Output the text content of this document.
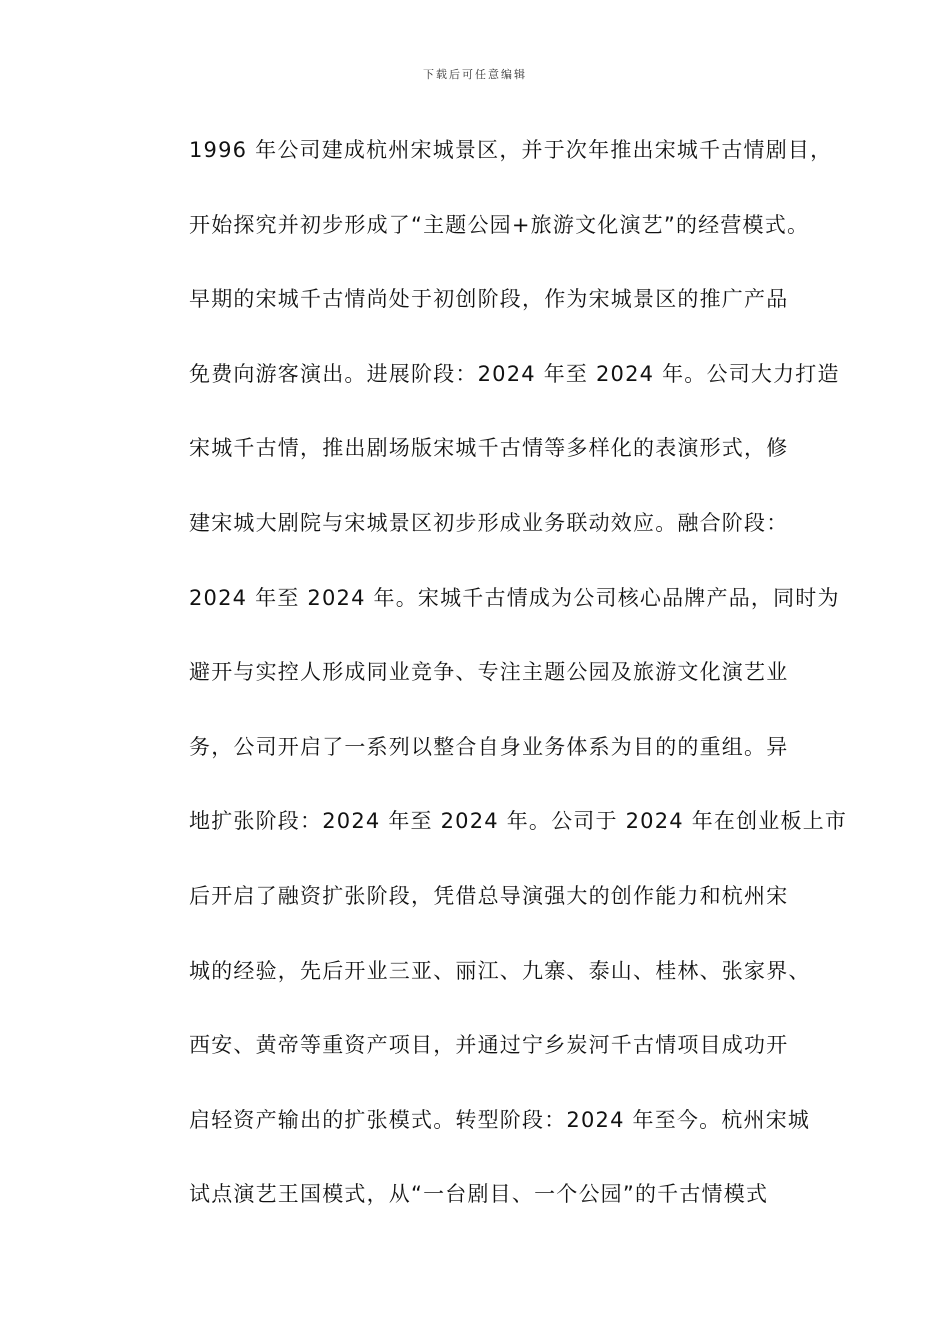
下载后可任意编辑
1996 年公司建成杭州宋城景区，并于次年推出宋城千古情剧目，
开始探究并初步形成了“主题公园+旅游文化演艺”的经营模式。
早期的宋城千古情尚处于初创阶段，作为宋城景区的推广产品
免费向游客演出。进展阶段：2024 年至 2024 年。公司大力打造
宋城千古情，推出剧场版宋城千古情等多样化的表演形式，修
建宋城大剧院与宋城景区初步形成业务联动效应。融合阶段：
2024 年至 2024 年。宋城千古情成为公司核心品牌产品，同时为
避开与实控人形成同业竞争、专注主题公园及旅游文化演艺业
务，公司开启了一系列以整合自身业务体系为目的的重组。异
地扩张阶段：2024 年至 2024 年。公司于 2024 年在创业板上市
后开启了融资扩张阶段，凭借总导演强大的创作能力和杭州宋
城的经验，先后开业三亚、丽江、九寨、泰山、桂林、张家界、
西安、黄帝等重资产项目，并通过宁乡炭河千古情项目成功开
启轻资产输出的扩张模式。转型阶段：2024 年至今。杭州宋城
试点演艺王国模式，从“一台剧目、一个公园”的千古情模式
